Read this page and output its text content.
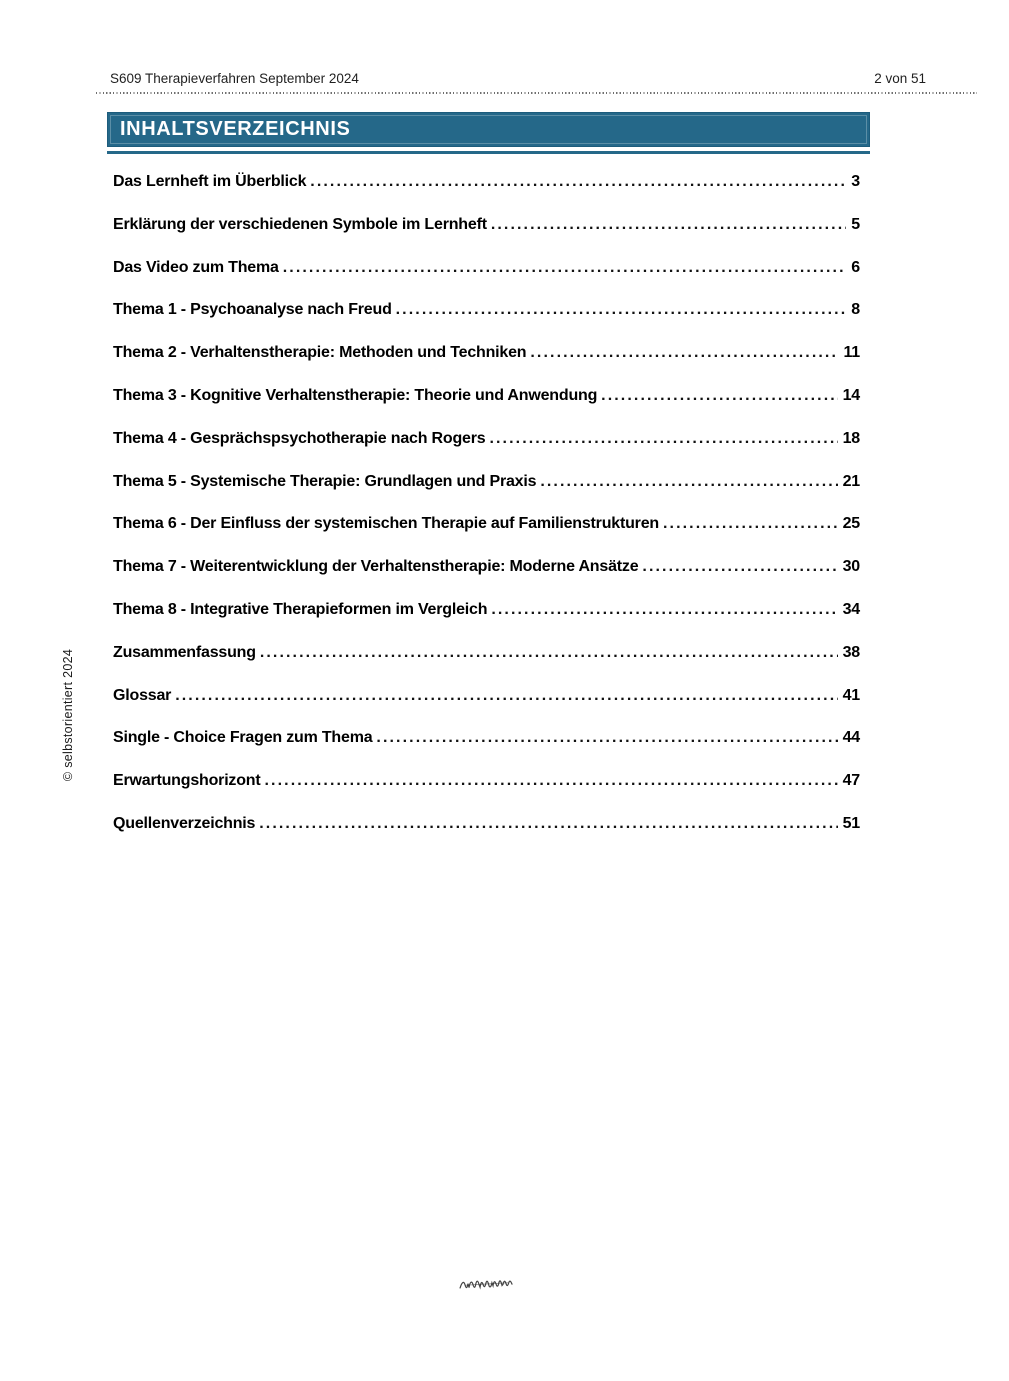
S609 Therapieverfahren September 2024	2 von 51
INHALTSVERZEICHNIS
Das Lernheft im Überblick .....	3
Erklärung der verschiedenen Symbole im Lernheft .....	5
Das Video zum Thema .....	6
Thema 1 - Psychoanalyse nach Freud .....	8
Thema 2 - Verhaltenstherapie: Methoden und Techniken .....	11
Thema 3 - Kognitive Verhaltenstherapie: Theorie und Anwendung .....	14
Thema 4 - Gesprächspsychotherapie nach Rogers .....	18
Thema 5 - Systemische Therapie: Grundlagen und Praxis .....	21
Thema 6 - Der Einfluss der systemischen Therapie auf Familienstrukturen .....	25
Thema 7 - Weiterentwicklung der Verhaltenstherapie: Moderne Ansätze .....	30
Thema 8 - Integrative Therapieformen im Vergleich .....	34
Zusammenfassung .....	38
Glossar .....	41
Single - Choice Fragen zum Thema .....	44
Erwartungshorizont .....	47
Quellenverzeichnis .....	51
© selbstorientiert 2024
